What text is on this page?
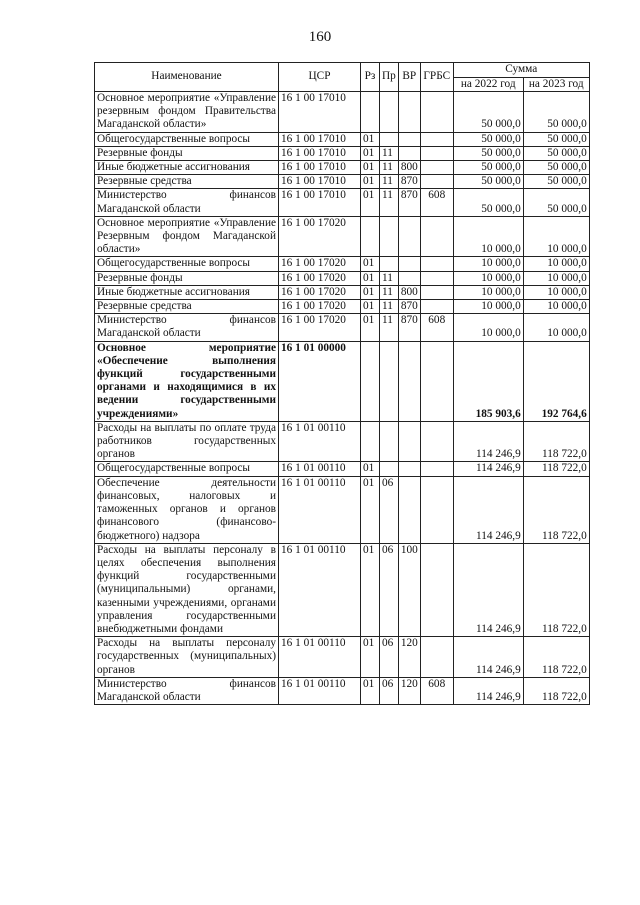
160
Наименование	ЦСР	Рз	Пр	ВР	ГРБС	Сумма	
						на 2022 год	на 2023 год
Основное мероприятие «Управление резервным фондом Правительства Магаданской области»	16 1 00 17010					50 000,0	50 000,0
Общегосударственные вопросы	16 1 00 17010	01				50 000,0	50 000,0
Резервные фонды	16 1 00 17010	01	11			50 000,0	50 000,0
Иные бюджетные ассигнования	16 1 00 17010	01	11	800		50 000,0	50 000,0
Резервные средства	16 1 00 17010	01	11	870		50 000,0	50 000,0
Министерство финансов Магаданской области	16 1 00 17010	01	11	870	608	50 000,0	50 000,0
Основное мероприятие «Управление Резервным фондом Магаданской области»	16 1 00 17020					10 000,0	10 000,0
Общегосударственные вопросы	16 1 00 17020	01				10 000,0	10 000,0
Резервные фонды	16 1 00 17020	01	11			10 000,0	10 000,0
Иные бюджетные ассигнования	16 1 00 17020	01	11	800		10 000,0	10 000,0
Резервные средства	16 1 00 17020	01	11	870		10 000,0	10 000,0
Министерство финансов Магаданской области	16 1 00 17020	01	11	870	608	10 000,0	10 000,0
Основное мероприятие «Обеспечение выполнения функций государственными органами и находящимися в их ведении государственными учреждениями»	16 1 01 00000					185 903,6	192 764,6
Расходы на выплаты по оплате труда работников государственных органов	16 1 01 00110					114 246,9	118 722,0
Общегосударственные вопросы	16 1 01 00110	01				114 246,9	118 722,0
Обеспечение деятельности финансовых, налоговых и таможенных органов и органов финансового (финансово-бюджетного) надзора	16 1 01 00110	01	06			114 246,9	118 722,0
Расходы на выплаты персоналу в целях обеспечения выполнения функций государственными (муниципальными) органами, казенными учреждениями, органами управления государственными внебюджетными фондами	16 1 01 00110	01	06	100		114 246,9	118 722,0
Расходы на выплаты персоналу государственных (муниципальных) органов	16 1 01 00110	01	06	120		114 246,9	118 722,0
Министерство финансов Магаданской области	16 1 01 00110	01	06	120	608	114 246,9	118 722,0
